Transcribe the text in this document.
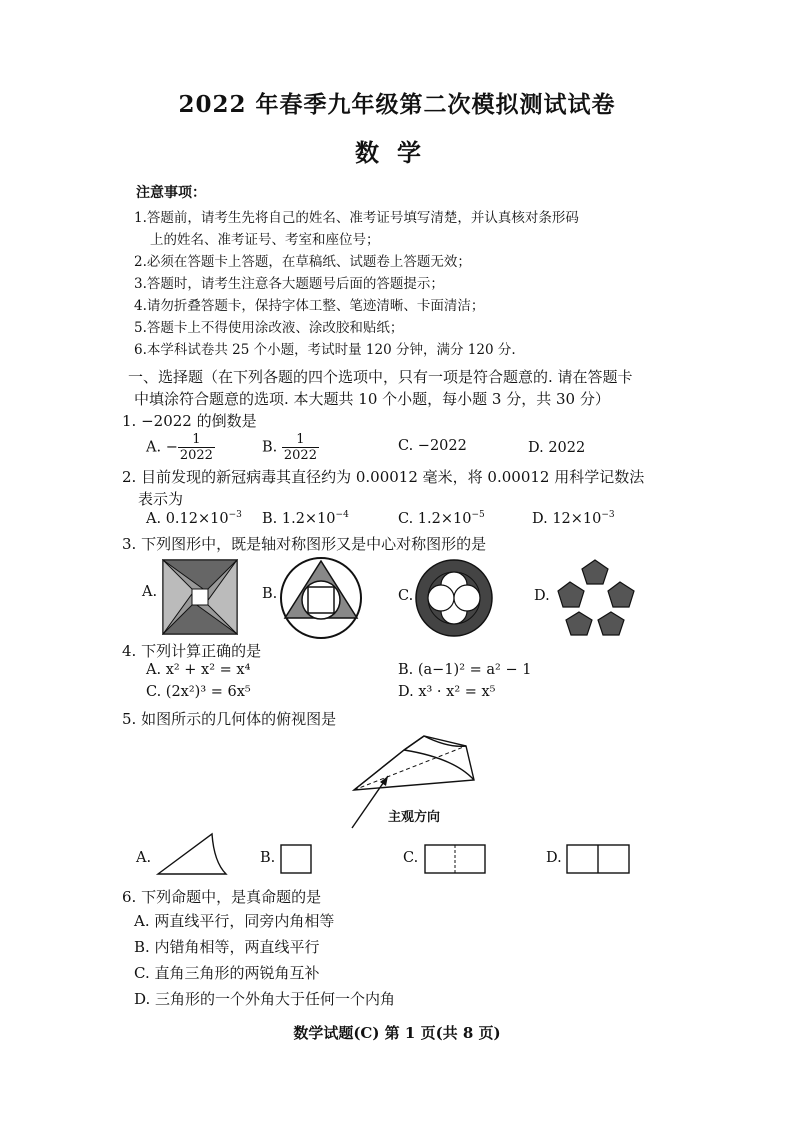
2022 年春季九年级第二次模拟测试试卷
数学
注意事项：
1.答题前，请考生先将自己的姓名、准考证号填写清楚，并认真核对条形码
上的姓名、准考证号、考室和座位号；
2.必须在答题卡上答题，在草稿纸、试题卷上答题无效；
3.答题时，请考生注意各大题题号后面的答题提示；
4.请勿折叠答题卡，保持字体工整、笔迹清晰、卡面清洁；
5.答题卡上不得使用涂改液、涂改胶和贴纸；
6.本学科试卷共 25 个小题，考试时量 120 分钟，满分 120 分.
一、选择题（在下列各题的四个选项中，只有一项是符合题意的. 请在答题卡
中填涂符合题意的选项. 本大题共 10 个小题，每小题 3 分，共 30 分）
1. −2022 的倒数是
A. − $\frac{1}{2022}$	B. $\frac{1}{2022}$	C. −2022	D. 2022
2. 目前发现的新冠病毒其直径约为 0.00012 毫米，将 0.00012 用科学记数法
表示为
A. $0.12\times 10^{-3}$ B. $1.2\times 10^{-4}$	C. $1.2\times 10^{-5}$	D. $12\times 10^{-3}$
3. 下列图形中，既是轴对称图形又是中心对称图形的是
A.	B.	C.	D.
4. 下列计算正确的是
A. x² + x² = x⁴	B. (a−1)² = a² − 1
C. (2x²)³ = 6x⁵	D. x³ · x² = x⁵
5. 如图所示的几何体的俯视图是
主观方向
A.	B.	C.	D.
6. 下列命题中，是真命题的是
A. 两直线平行，同旁内角相等
B. 内错角相等，两直线平行
C. 直角三角形的两锐角互补
D. 三角形的一个外角大于任何一个内角
数学试题(C) 第 1 页(共 8 页)
